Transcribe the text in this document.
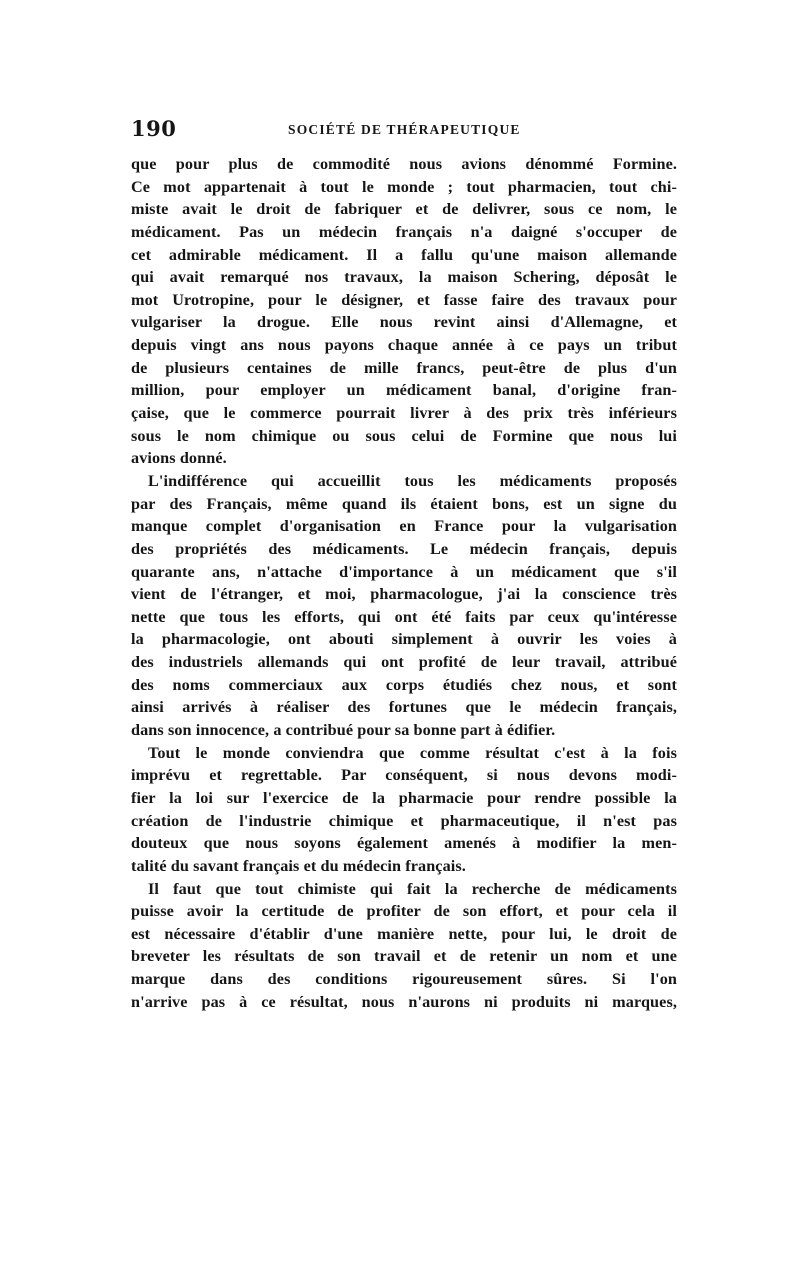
190	SOCIÉTÉ DE THÉRAPEUTIQUE
que pour plus de commodité nous avions dénommé Formine.
Ce mot appartenait à tout le monde ; tout pharmacien, tout chi-
miste avait le droit de fabriquer et de delivrer, sous ce nom, le
médicament. Pas un médecin français n'a daigné s'occuper de
cet admirable médicament. Il a fallu qu'une maison allemande
qui avait remarqué nos travaux, la maison Schering, déposât le
mot Urotropine, pour le désigner, et fasse faire des travaux pour
vulgariser la drogue. Elle nous revint ainsi d'Allemagne, et
depuis vingt ans nous payons chaque année à ce pays un tribut
de plusieurs centaines de mille francs, peut-être de plus d'un
million, pour employer un médicament banal, d'origine fran-
çaise, que le commerce pourrait livrer à des prix très inférieurs
sous le nom chimique ou sous celui de Formine que nous lui
avions donné.
L'indifférence qui accueillit tous les médicaments proposés
par des Français, même quand ils étaient bons, est un signe du
manque complet d'organisation en France pour la vulgarisation
des propriétés des médicaments. Le médecin français, depuis
quarante ans, n'attache d'importance à un médicament que s'il
vient de l'étranger, et moi, pharmacologue, j'ai la conscience très
nette que tous les efforts, qui ont été faits par ceux qu'intéresse
la pharmacologie, ont abouti simplement à ouvrir les voies à
des industriels allemands qui ont profité de leur travail, attribué
des noms commerciaux aux corps étudiés chez nous, et sont
ainsi arrivés à réaliser des fortunes que le médecin français,
dans son innocence, a contribué pour sa bonne part à édifier.
Tout le monde conviendra que comme résultat c'est à la fois
imprévu et regrettable. Par conséquent, si nous devons modi-
fier la loi sur l'exercice de la pharmacie pour rendre possible la
création de l'industrie chimique et pharmaceutique, il n'est pas
douteux que nous soyons également amenés à modifier la men-
talité du savant français et du médecin français.
Il faut que tout chimiste qui fait la recherche de médicaments
puisse avoir la certitude de profiter de son effort, et pour cela il
est nécessaire d'établir d'une manière nette, pour lui, le droit de
breveter les résultats de son travail et de retenir un nom et une
marque dans des conditions rigoureusement sûres. Si l'on
n'arrive pas à ce résultat, nous n'aurons ni produits ni marques,
